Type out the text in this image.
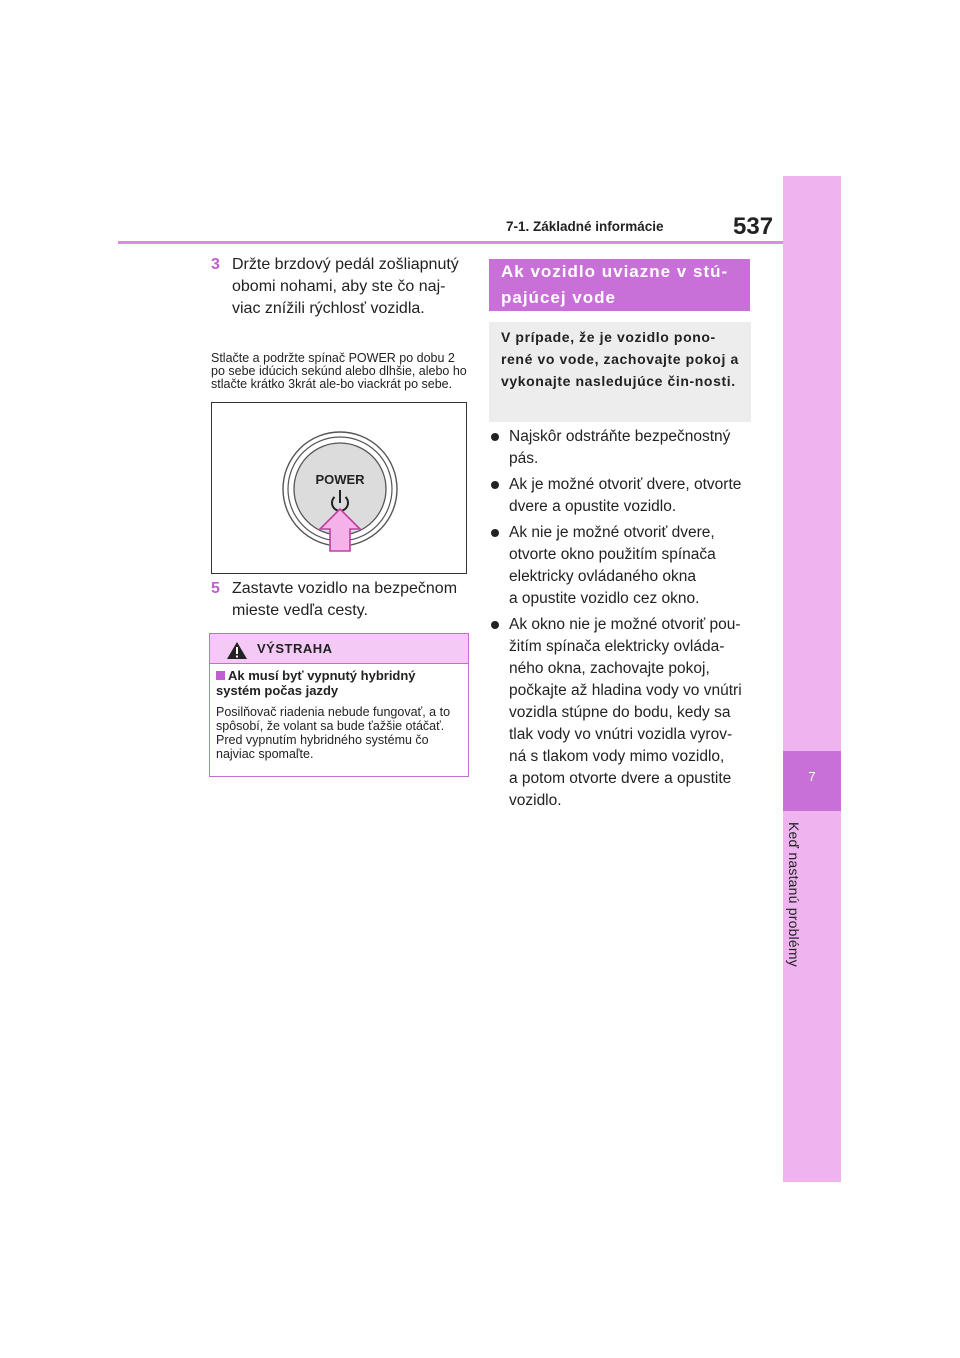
7
Keď nastanú problémy
7-1. Základné informácie	537
3 Držte brzdový pedál zošliapnutý obomi nohami, aby ste čo naj-viac znížili rýchlosť vozidla.
Stlačte a podržte spínač POWER po dobu 2 po sebe idúcich sekúnd alebo dlhšie, alebo ho stlačte krátko 3krát ale-bo viackrát po sebe.
POWER
5 Zastavte vozidlo na bezpečnom mieste vedľa cesty.
VÝSTRAHA
Ak musí byť vypnutý hybridný systém počas jazdy
Posilňovač riadenia nebude fungovať, a to spôsobí, že volant sa bude ťažšie otáčať. Pred vypnutím hybridného systému čo najviac spomaľte.
Ak vozidlo uviazne v stú-pajúcej vode
V prípade, že je vozidlo pono-rené vo vode, zachovajte pokoj a vykonajte nasledujúce čin-nosti.
Najskôr odstráňte bezpečnostný
pás.
Ak je možné otvoriť dvere, otvorte
dvere a opustite vozidlo.
Ak nie je možné otvoriť dvere,
otvorte okno použitím spínača
elektricky ovládaného okna
a opustite vozidlo cez okno.
Ak okno nie je možné otvoriť pou-
žitím spínača elektricky ovláda-
ného okna, zachovajte pokoj,
počkajte až hladina vody vo vnútri
vozidla stúpne do bodu, kedy sa
tlak vody vo vnútri vozidla vyrov-
ná s tlakom vody mimo vozidlo,
a potom otvorte dvere a opustite
vozidlo.
